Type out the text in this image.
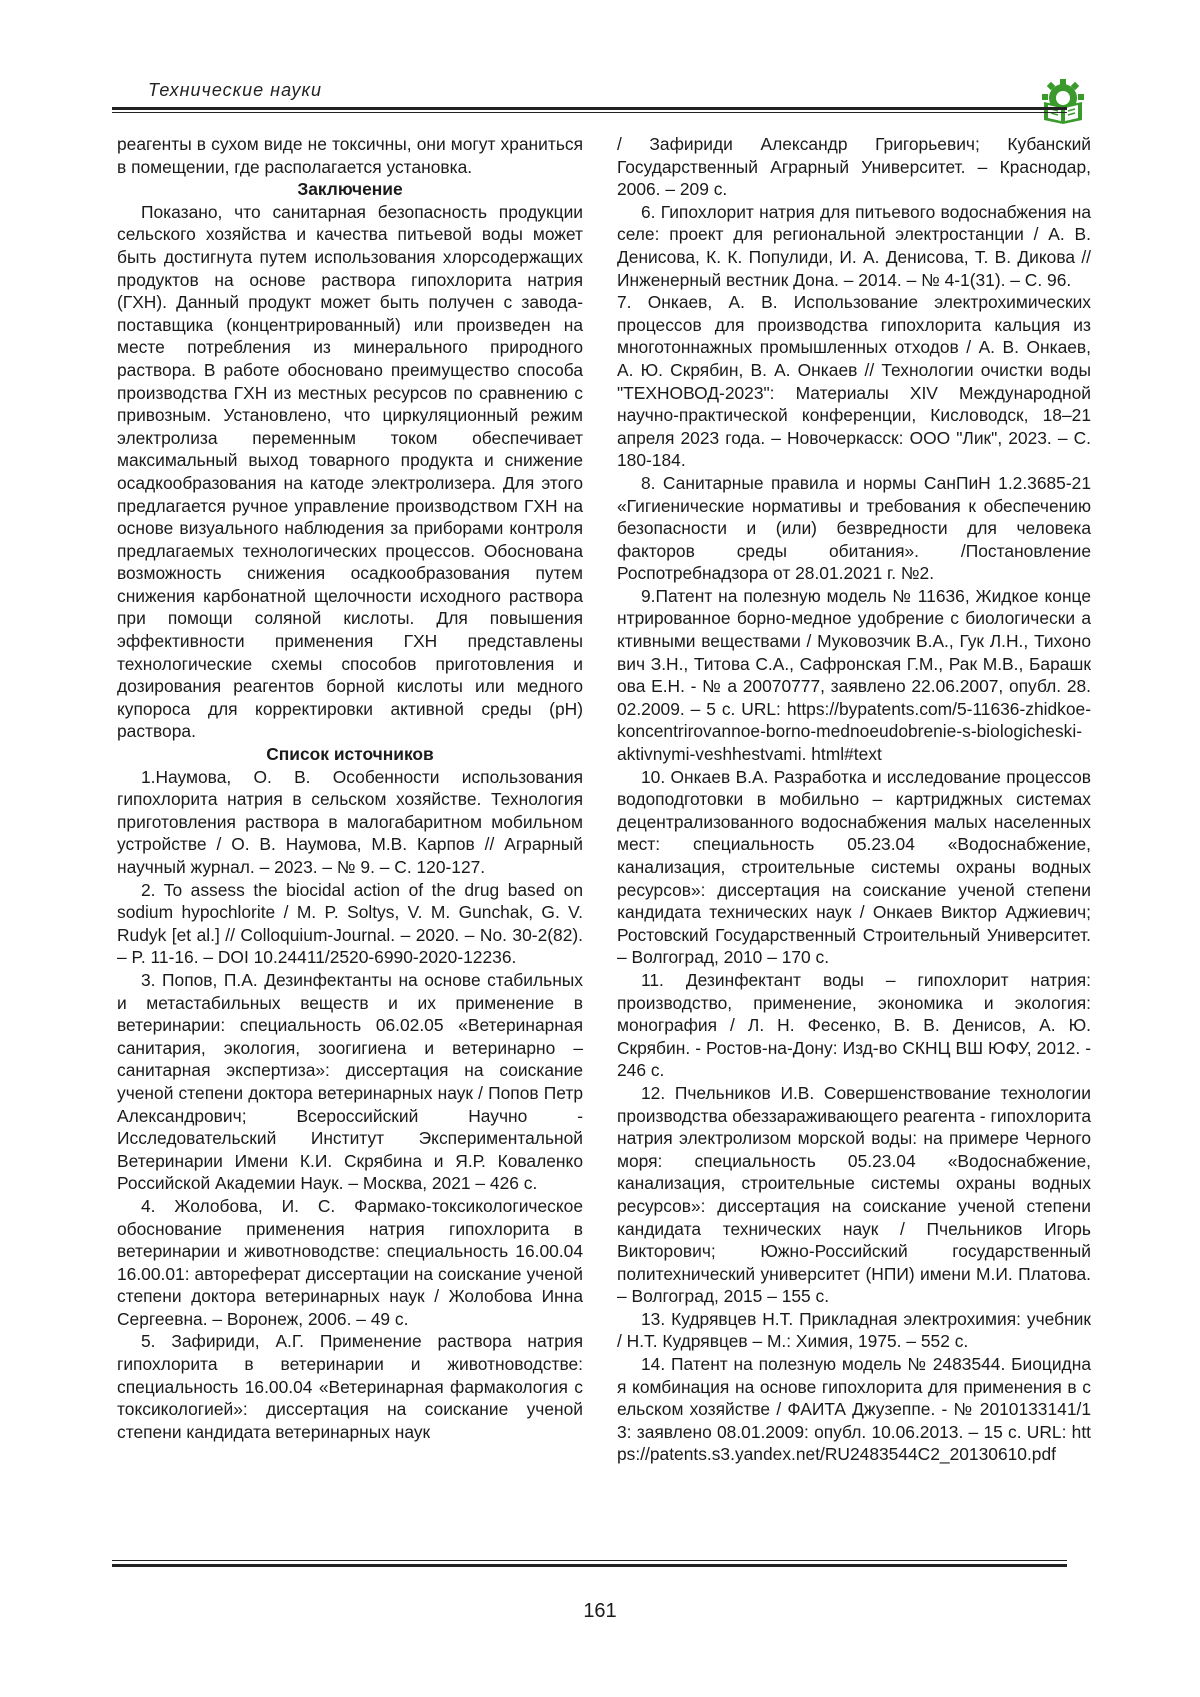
Технические науки

реагенты в сухом виде не токсичны, они могут храниться в помещении, где располагается установка.

Заключение

Показано, что санитарная безопасность продукции сельского хозяйства и качества питьевой воды может быть достигнута путем использования хлорсодержащих продуктов на основе раствора гипохлорита натрия (ГХН). Данный продукт может быть получен с завода-поставщика (концентрированный) или произведен на месте потребления из минерального природного раствора. В работе обосновано преимущество способа производства ГХН из местных ресурсов по сравнению с привозным. Установлено, что циркуляционный режим электролиза переменным током обеспечивает максимальный выход товарного продукта и снижение осадкообразования на катоде электролизера. Для этого предлагается ручное управление производством ГХН на основе визуального наблюдения за приборами контроля предлагаемых технологических процессов. Обоснована возможность снижения осадкообразования путем снижения карбонатной щелочности исходного раствора при помощи соляной кислоты. Для повышения эффективности применения ГХН представлены технологические схемы способов приготовления и дозирования реагентов борной кислоты или медного купороса для корректировки активной среды (рН) раствора.

Список источников

1.Наумова, О. В. Особенности использования гипохлорита натрия в сельском хозяйстве. Технология приготовления раствора в малогабаритном мобильном устройстве / О. В. Наумова, М.В. Карпов // Аграрный научный журнал. – 2023. – № 9. – С. 120-127.

2. To assess the biocidal action of the drug based on sodium hypochlorite / M. P. Soltys, V. M. Gunchak, G. V. Rudyk [et al.] // Colloquium-Journal. – 2020. – No. 30-2(82). – P. 11-16. – DOI 10.24411/2520-6990-2020-12236.

3. Попов, П.А. Дезинфектанты на основе стабильных и метастабильных веществ и их применение в ветеринарии: специальность 06.02.05 «Ветеринарная санитария, экология, зоогигиена и ветеринарно – санитарная экспертиза»: диссертация на соискание ученой степени доктора ветеринарных наук / Попов Петр Александрович; Всероссийский Научно - Исследовательский Институт Экспериментальной Ветеринарии Имени К.И. Скрябина и Я.Р. Коваленко Российской Академии Наук. – Москва, 2021 – 426 с.

4. Жолобова, И. С. Фармако-токсикологическое обоснование применения натрия гипохлорита в ветеринарии и животноводстве: специальность 16.00.04 16.00.01: автореферат диссертации на соискание ученой степени доктора ветеринарных наук / Жолобова Инна Сергеевна. – Воронеж, 2006. – 49 с.

5. Зафириди, А.Г. Применение раствора натрия гипохлорита в ветеринарии и животноводстве: специальность 16.00.04 «Ветеринарная фармакология с токсикологией»: диссертация на соискание ученой степени кандидата ветеринарных наук

/ Зафириди Александр Григорьевич; Кубанский Государственный Аграрный Университет. – Краснодар, 2006. – 209 с.

6. Гипохлорит натрия для питьевого водоснабжения на селе: проект для региональной электростанции / А. В. Денисова, К. К. Популиди, И. А. Денисова, Т. В. Дикова // Инженерный вестник Дона. – 2014. – № 4-1(31). – С. 96.

7. Онкаев, А. В. Использование электрохимических процессов для производства гипохлорита кальция из многотоннажных промышленных отходов / А. В. Онкаев, А. Ю. Скрябин, В. А. Онкаев // Технологии очистки воды "ТЕХНОВОД-2023": Материалы XIV Международной научно-практической конференции, Кисловодск, 18–21 апреля 2023 года. – Новочеркасск: ООО "Лик", 2023. – С. 180-184.

8. Санитарные правила и нормы СанПиН 1.2.3685-21 «Гигиенические нормативы и требования к обеспечению безопасности и (или) безвредности для человека факторов среды обитания». /Постановление Роспотребнадзора от 28.01.2021 г. №2.

9.Патент на полезную модель № 11636, Жидкое концентрированное борно-медное удобрение с биологически активными веществами / Муковозчик В.А., Гук Л.Н., Тихонович З.Н., Титова С.А., Сафронская Г.М., Рак М.В., Барашкова Е.Н. - № а 20070777, заявлено 22.06.2007, опубл. 28.02.2009. – 5 с. URL: https://bypatents.com/5-11636-zhidkoe-koncentrirovannoe-borno-mednoeudobrenie-s-biologicheski-aktivnymi-veshhestvami. html#text

10. Онкаев В.А. Разработка и исследование процессов водоподготовки в мобильно – картриджных системах децентрализованного водоснабжения малых населенных мест: специальность 05.23.04 «Водоснабжение, канализация, строительные системы охраны водных ресурсов»: диссертация на соискание ученой степени кандидата технических наук / Онкаев Виктор Аджиевич; Ростовский Государственный Строительный Университет. – Волгоград, 2010 – 170 с.

11. Дезинфектант воды – гипохлорит натрия: производство, применение, экономика и экология: монография / Л. Н. Фесенко, В. В. Денисов, А. Ю. Скрябин. - Ростов-на-Дону: Изд-во СКНЦ ВШ ЮФУ, 2012. - 246 с.

12. Пчельников И.В. Совершенствование технологии производства обеззараживающего реагента - гипохлорита натрия электролизом морской воды: на примере Черного моря: специальность 05.23.04 «Водоснабжение, канализация, строительные системы охраны водных ресурсов»: диссертация на соискание ученой степени кандидата технических наук / Пчельников Игорь Викторович; Южно-Российский государственный политехнический университет (НПИ) имени М.И. Платова. – Волгоград, 2015 – 155 с.

13. Кудрявцев Н.Т. Прикладная электрохимия: учебник / Н.Т. Кудрявцев – М.: Химия, 1975. – 552 с.

14. Патент на полезную модель № 2483544. Биоцидная комбинация на основе гипохлорита для применения в сельском хозяйстве / ФАИТА Джузеппе. - № 2010133141/13: заявлено 08.01.2009: опубл. 10.06.2013. – 15 с. URL: https://patents.s3.yandex.net/RU2483544C2_20130610.pdf

161
